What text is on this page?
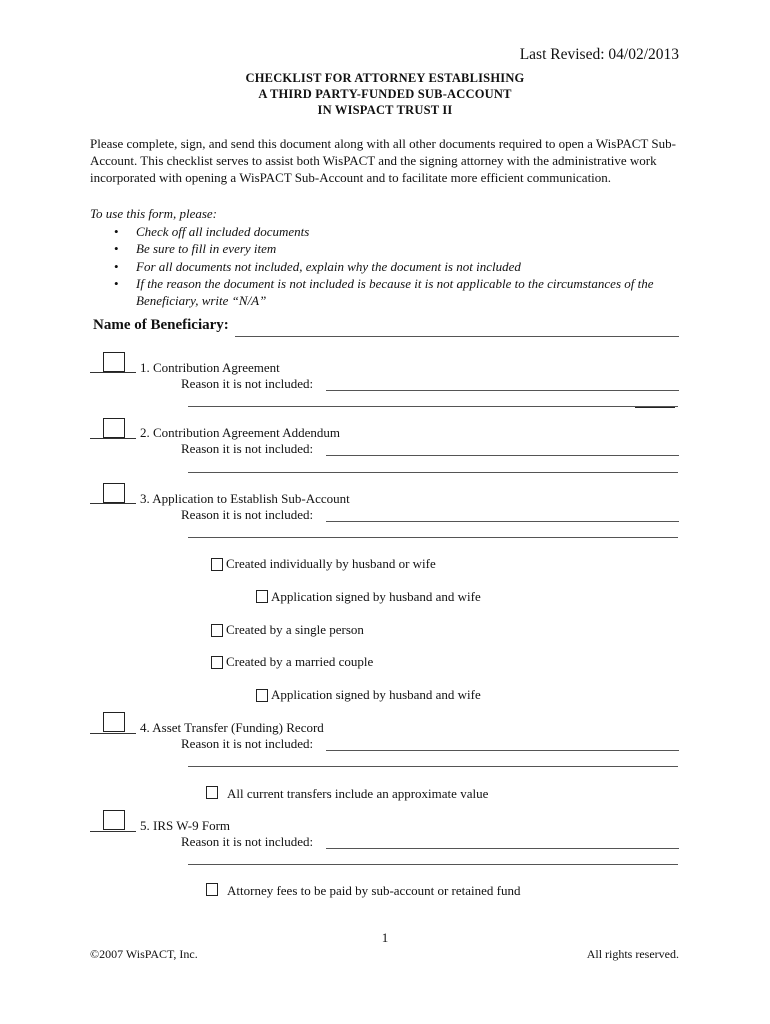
Last Revised: 04/02/2013
CHECKLIST FOR ATTORNEY ESTABLISHING
A THIRD PARTY-FUNDED SUB-ACCOUNT
IN WISPACT TRUST II
Please complete, sign, and send this document along with all other documents required to open a WisPACT Sub-Account. This checklist serves to assist both WisPACT and the signing attorney with the administrative work incorporated with opening a WisPACT Sub-Account and to facilitate more efficient communication.
To use this form, please:
• Check off all included documents
• Be sure to fill in every item
• For all documents not included, explain why the document is not included
• If the reason the document is not included is because it is not applicable to the circumstances of the Beneficiary, write “N/A”
Name of Beneficiary:
1. Contribution Agreement
Reason it is not included:
2. Contribution Agreement Addendum
Reason it is not included:
3. Application to Establish Sub-Account
Reason it is not included:
Created individually by husband or wife
Application signed by husband and wife
Created by a single person
Created by a married couple
Application signed by husband and wife
4. Asset Transfer (Funding) Record
Reason it is not included:
All current transfers include an approximate value
5. IRS W-9 Form
Reason it is not included:
Attorney fees to be paid by sub-account or retained fund
1
©2007 WisPACT, Inc.	All rights reserved.
